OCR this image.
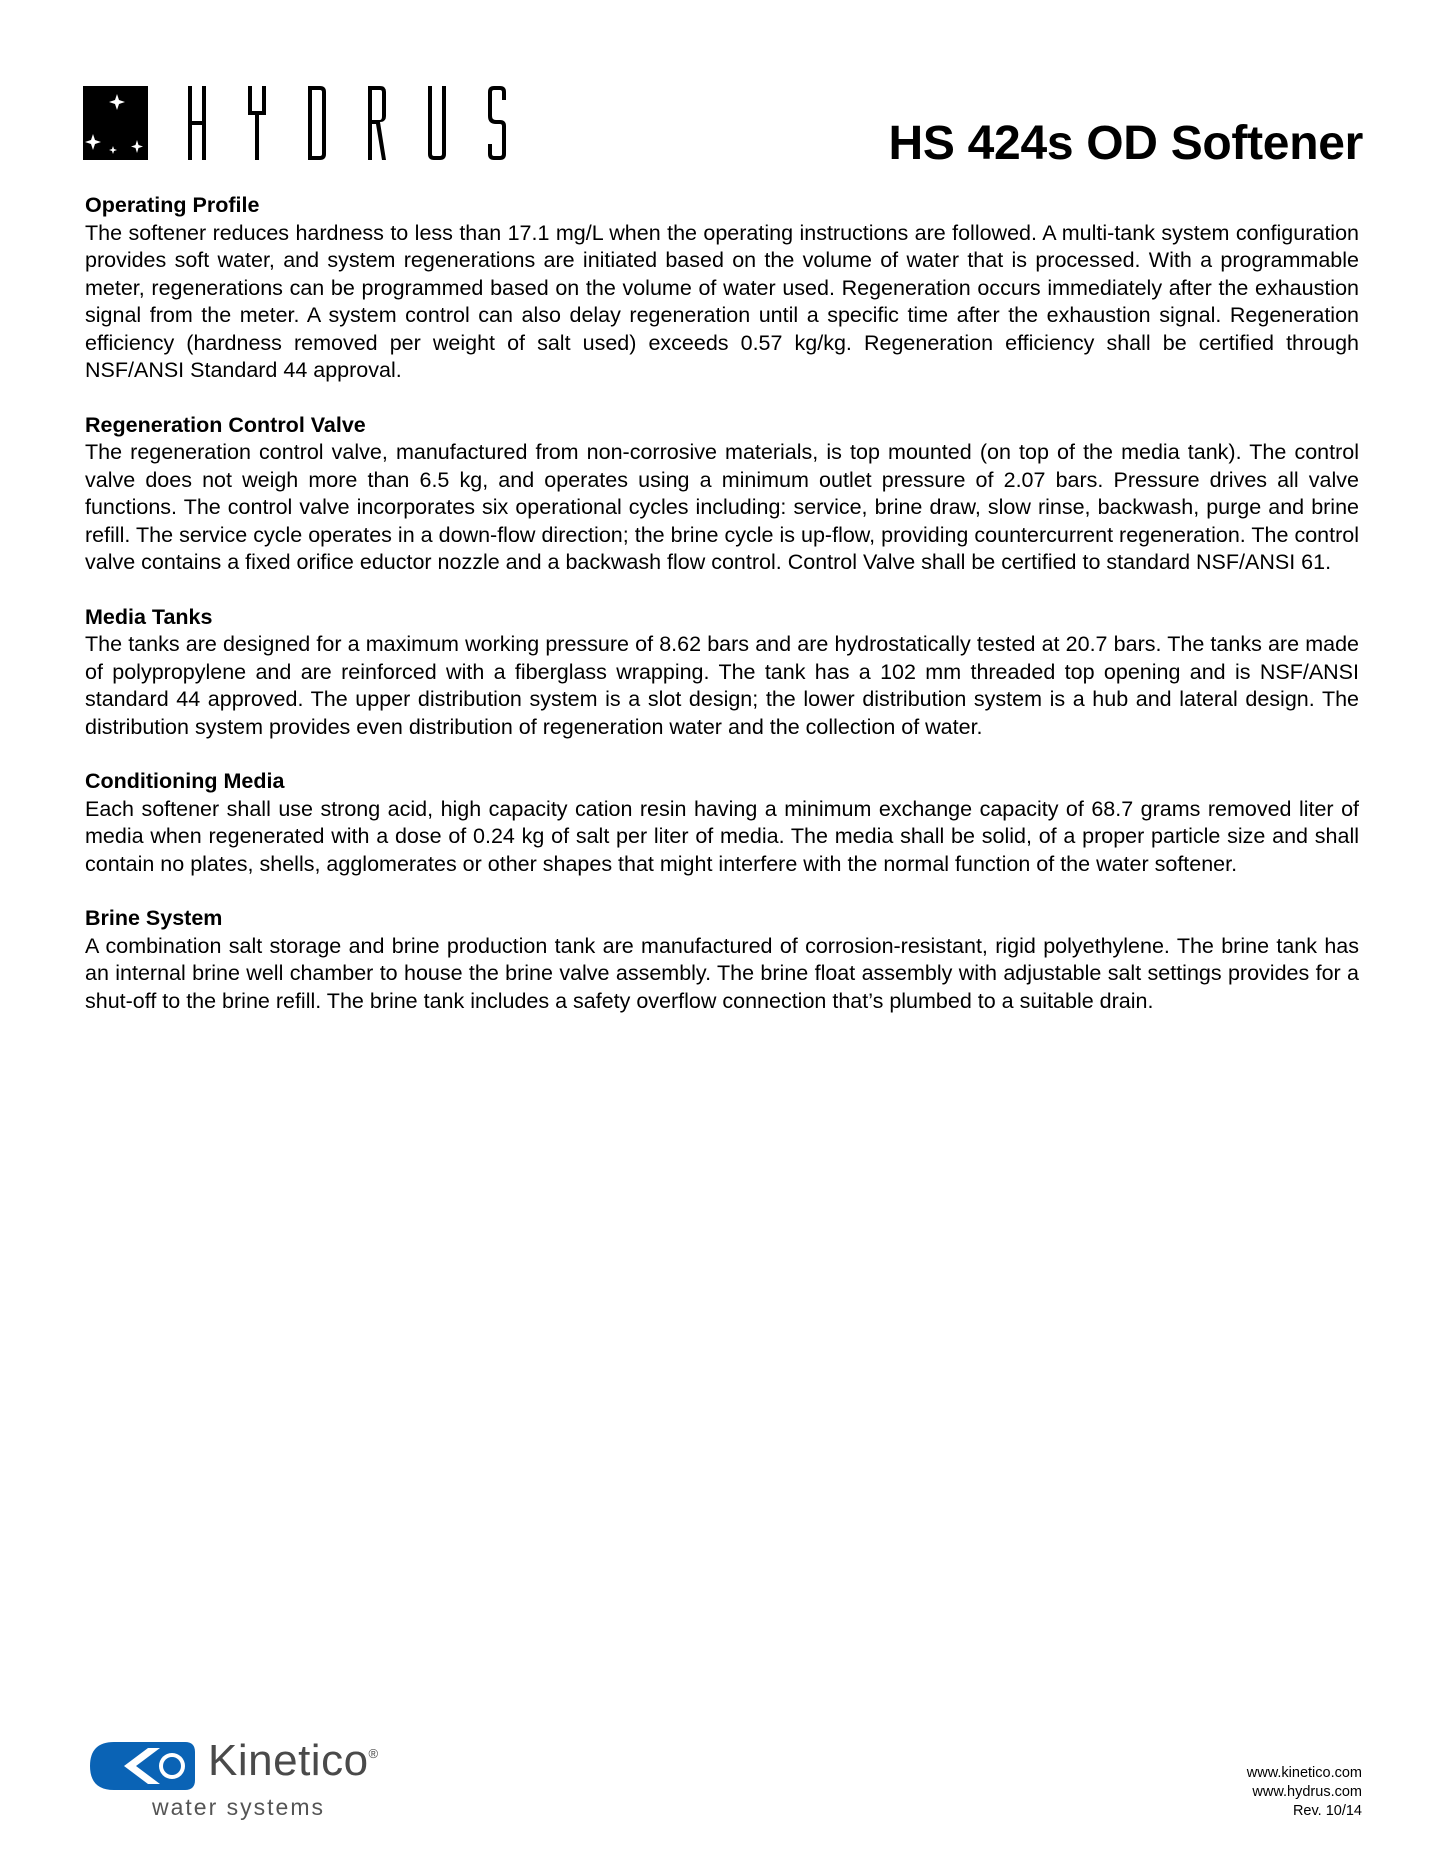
HS 424s OD Softener
Operating Profile

The softener reduces hardness to less than 17.1 mg/L when the operating instructions are followed. A multi-tank system configuration provides soft water, and system regenerations are initiated based on the volume of water that is processed. With a programmable meter, regenerations can be programmed based on the volume of water used. Regeneration occurs immediately after the exhaustion signal from the meter. A system control can also delay regeneration until a specific time after the exhaustion signal. Regeneration efficiency (hardness removed per weight of salt used) exceeds 0.57 kg/kg. Regeneration efficiency shall be certified through NSF/ANSI Standard 44 approval.

Regeneration Control Valve

The regeneration control valve, manufactured from non-corrosive materials, is top mounted (on top of the media tank). The control valve does not weigh more than 6.5 kg, and operates using a minimum outlet pressure of 2.07 bars. Pressure drives all valve functions. The control valve incorporates six operational cycles including: service, brine draw, slow rinse, backwash, purge and brine refill. The service cycle operates in a down-flow direction; the brine cycle is up-flow, providing countercurrent regeneration. The control valve contains a fixed orifice eductor nozzle and a backwash flow control. Control Valve shall be certified to standard NSF/ANSI 61.

Media Tanks

The tanks are designed for a maximum working pressure of 8.62 bars and are hydrostatically tested at 20.7 bars. The tanks are made of polypropylene and are reinforced with a fiberglass wrapping. The tank has a 102 mm threaded top opening and is NSF/ANSI standard 44 approved. The upper distribution system is a slot design; the lower distribution system is a hub and lateral design. The distribution system provides even distribution of regeneration water and the collection of water.

Conditioning Media

Each softener shall use strong acid, high capacity cation resin having a minimum exchange capacity of 68.7 grams removed liter of media when regenerated with a dose of 0.24 kg of salt per liter of media. The media shall be solid, of a proper particle size and shall contain no plates, shells, agglomerates or other shapes that might interfere with the normal function of the water softener.

Brine System

A combination salt storage and brine production tank are manufactured of corrosion-resistant, rigid polyethylene. The brine tank has an internal brine well chamber to house the brine valve assembly. The brine float assembly with adjustable salt settings provides for a shut-off to the brine refill. The brine tank includes a safety overflow connection that’s plumbed to a suitable drain.

Kinetico®
water systems
www.kinetico.com
www.hydrus.com
Rev. 10/14
